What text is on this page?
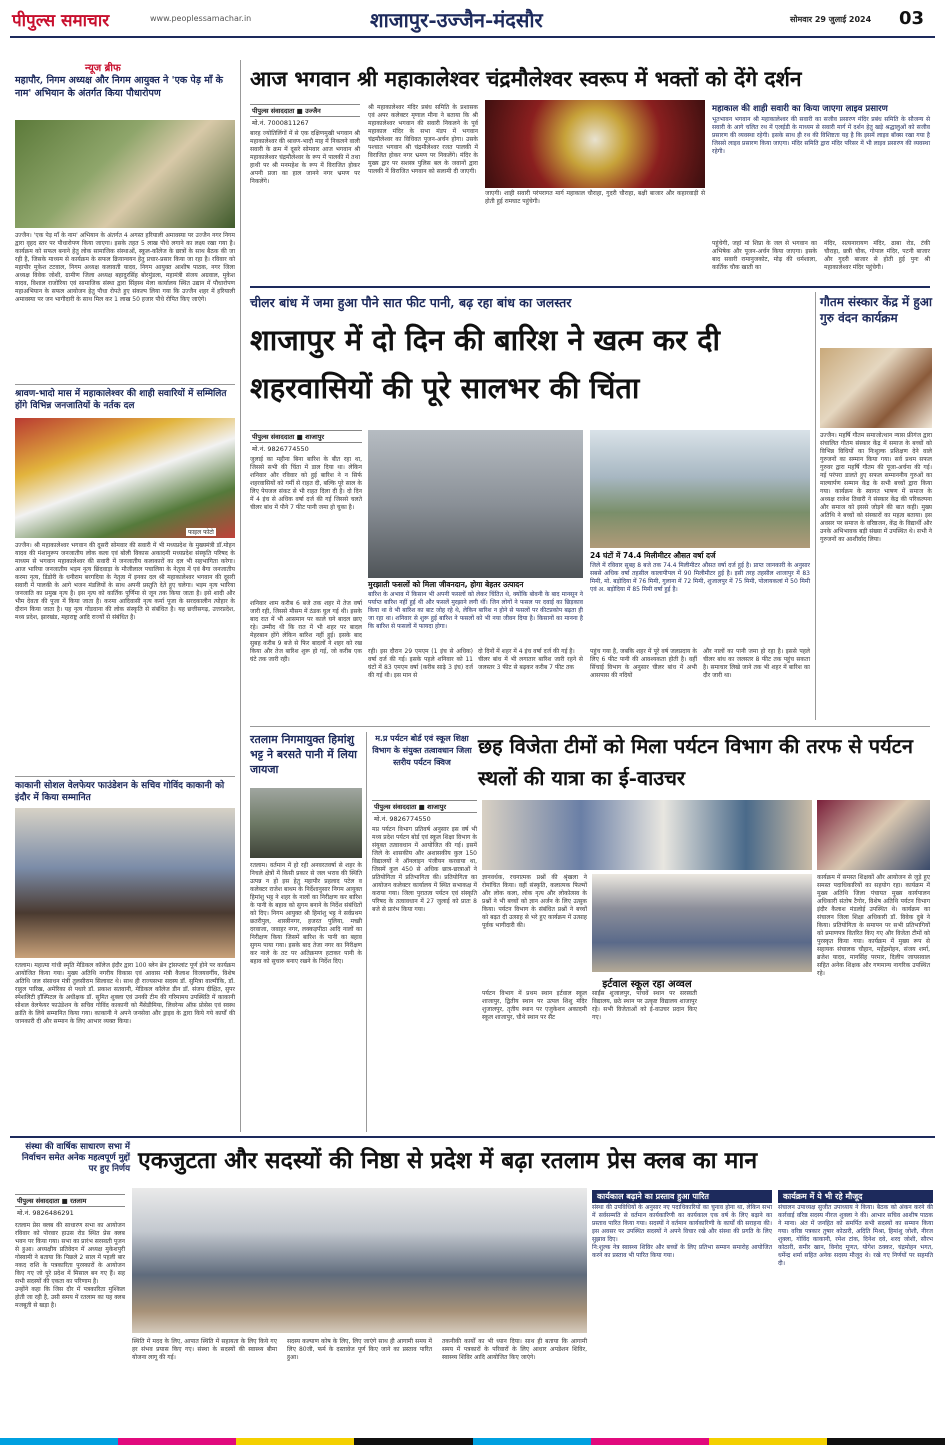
पीपुल्स समाचार	www.peoplessamachar.in	शाजापुर-उज्जैन-मंदसौर	सोमवार 29 जुलाई 2024 03
न्यूज ब्रीफ
महापौर, निगम अध्यक्ष और निगम आयुक्त ने 'एक पेड़ माँ के नाम' अभियान के अंतर्गत किया पौधारोपण
उज्जैन। 'एक पेड़ माँ के नाम' अभियान के अंतर्गत 4 अगस्त हरियाली अमावस्या पर उज्जैन नगर निगम द्वारा वृहद स्तर पर पौधारोपण किया जाएगा। इसके तहत 5 लाख पौधे लगाने का लक्ष्य रखा गया है। कार्यक्रम को सफल बनाने हेतु लोक सामाजिक संस्थाओं, स्कूल-कॉलेज के छात्रों के साथ बैठक की जा रही है, जिसके माध्यम से कार्यक्रम के सफल क्रियान्वयन हेतु प्रचार-प्रसार किया जा रहा है। रविवार को महापौर मुकेश टटवाल, निगम अध्यक्ष कलावती यादव, निगम आयुक्त आशीष पाठक, नगर जिला अध्यक्ष विवेक जोशी, ग्रामीण जिला अध्यक्ष बहादुरसिंह बोरमुंडला, महामंत्री संजय अग्रवाल, मुकेश यादव, विशाल राजोरिया एवं सामाजिक संस्था द्वारा सिंहस्थ मेला कार्यालय स्थित उद्यान में पौधारोपण महाअभियान के सफल आयोजन हेतु पौधा रोपते हुए संकल्प लिया गया कि उज्जैन शहर में हरियाली अमावस्या पर जन भागीदारी के साथ मिल कर 1 लाख 50 हजार पौधे रोपित किए जाएंगे।
श्रावण-भादो मास में महाकालेश्वर की शाही सवारियों में सम्मिलित होंगे विभिन्न जनजातियों के नर्तक दल
फाइल फोटो
उज्जैन। श्री महाकालेश्वर भगवान की दूसरी सोमवार की सवारी में भी मध्यप्रदेश के मुख्यमंत्री डॉ.मोहन यादव की मंशानुरूप जनजातीय लोक कला एवं बोली विकास अकादमी मध्यप्रदेश संस्कृति परिषद के माध्यम से भगवान महाकालेश्वर की सवारी में जनजातीय कलाकारों का दल भी सहभागिता करेगा। आज भारिया जनजातीय भड़म नृत्य छिंदवाड़ा के मौजीलाल पचालिया के नेतृत्व में एवं बैगा जनजातीय करमा नृत्य, डिंडोरी के धनीराम बरगदिया के नेतृत्व में इनका दल श्री महाकालेश्वर भगवान की दूसरी सवारी में पालकी के आगे भजन मंडलियों के साथ अपनी प्रस्तुति देते हुए चलेगा। भड़म नृत्य भारिया जनजाति का प्रमुख नृत्य है। इस नृत्य को कार्तिक पूर्णिमा से जून तक किया जाता है। इसे शादी और भीम देवता की पूजा में किया जाता है। करमा आदिवासी नृत्य कर्मा पूजा के सरदकालीन त्योहार के दौरान किया जाता है। यह नृत्य गोंडवाना की लोक संस्कृति से संबंधित है। यह छत्तीसगढ़, उत्तरप्रदेश, मध्य प्रदेश, झारखंड, महाराष्ट्र आदि राज्यों से संबंधित है।
काकानी सोशल वेलफेयर फाउंडेशन के सचिव गोविंद काकानी को इंदौर में किया सम्मानित
रतलाम। महात्मा गांधी स्मृति मेडिकल कॉलेज इंदौर द्वारा 100 ब्लेन ब्रेन ट्रांसप्लांट पूर्ण होने पर कार्यक्रम आयोजित किया गया। मुख्य अतिथि नगरीय विकास एवं आवास मंत्री कैलाश विजयवर्गीय, विशेष अतिथि जल संसाधन मंत्री तुलसीराम सिलावट थे। साथ ही राज्यसभा सदस्य डॉ. सुमित्रा वाल्मीकि, डॉ. राहुल पारिख, अमेरिका से पधारे डॉ. प्रकाश सतवानी, मेडिकल कॉलेज डीन डॉ. संजय दीक्षित, सुपर स्पेशलिटी हॉस्पिटल के अधीक्षक डॉ. सुमित शुक्ला एवं उनकी टीम की गरिमामय उपस्थिति में काकानी सोशल वेलफेयर फाउंडेशन के सचिव गोविंद काकानी को मैंसेडीमिया, लिवरेन्स ऑफ़ प्रोसेस एवं स्वस्थ क्रांति के लिये सम्मानित किया गया। काकानी ने अपने जनसेवा और ड्राइव के द्वारा किये गये कार्यों की जानकारी दी और सम्मान के लिए आभार व्यक्त किया।
आज भगवान श्री महाकालेश्वर चंद्रमौलेश्वर स्वरूप में भक्तों को देंगे दर्शन
पीपुल्स संवाददाता ■ उज्जैन
मो.नं. 7000811267
बारह ज्योतिलिंगों में से एक दक्षिणमुखी भगवान श्री महाकालेश्वर की श्रावण-भादौ माह में निकलने वाली सवारी के क्रम में दूसरे सोमवार आज भगवान श्री महाकालेश्वर चंद्रमौलेश्वर के रूप में पालकी में तथा हाथी पर श्री मनमहेश के रूप में विराजित होकर अपनी प्रजा का हाल जानने नगर भ्रमण पर निकलेंगे।
श्री महाकालेश्वर मंदिर प्रबंध समिति के प्रशासक एवं अपर कलेक्टर मृणाल मीना ने बताया कि श्री महाकालेश्वर भगवान की सवारी निकलने के पूर्व महाकाल मंदिर के सभा मंडप में भगवान चंद्रमौलेश्वर का विधिवत पूजन-अर्चन होगा। उसके पश्चात भगवान श्री चंद्रमौलेश्वर रजत पालकी में विराजित होकर नगर भ्रमण पर निकलेंगे। मंदिर के मुख्य द्वार पर सशस्त्र पुलिस बल के जवानों द्वारा पालकी में विराजित भगवान को सलामी दी जाएगी।
जाएगी। शाही सवारी परंपरागत मार्ग महाकाल चौराहा, गुदरी चौराहा, बक्षी बाजार और कहारवाड़ी से होती हुई रामघाट पहुंचेगी।
महाकाल की शाही सवारी का किया जाएगा लाइव प्रसारण
भूतभावन भगवान श्री महाकालेश्वर की सवारी का सजीव प्रसारण मंदिर प्रबंध समिति के सौजन्य से सवारी के आगे चलित रथ में एलईडी के माध्यम से सवारी मार्ग में दर्शन हेतु खड़े श्रद्धालुओं को सजीव प्रसारण की व्यवस्था रहेगी। इसके साथ ही रथ की विशिष्टता यह है कि इसमें लाइव बॉक्स रखा गया है जिससे लाइव प्रसारण किया जाएगा। मंदिर समिति द्वारा मंदिर परिसर में भी लाइव प्रसारण की व्यवस्था रहेगी।
पहुंचेगी, जहां मां शिप्रा के जल से भगवान का अभिषेक और पूजन-अर्चन किया जाएगा। इसके बाद सवारी रामानुजकोट, मोढ़ की धर्मशाला, कार्तिक चौक खाती का
मंदिर, सत्यनारायण मंदिर, ढाबा रोड, टंकी चौराहा, छत्री चौक, गोपाल मंदिर, पटनी बाजार और गुदरी बाजार से होती हुई पुनः श्री महाकालेश्वर मंदिर पहुंचेगी।
चीलर बांध में जमा हुआ पौने सात फीट पानी, बढ़ रहा बांध का जलस्तर
शाजापुर में दो दिन की बारिश ने खत्म कर दी शहरवासियों की पूरे सालभर की चिंता
पीपुल्स संवाददाता ■ शाजापुर
मो.नं. 9826774550
जुलाई का महीना बिना बारिश के बीत रहा था, जिससे सभी की चिंता में डाल दिया था। लेकिन शनिवार और रविवार को हुई बारिश ने न सिर्फ शहरवासियों को गर्मी से राहत दी, बल्कि पूरे साल के लिए पेयजल संकट से भी राहत दिला दी है। दो दिन में 4 इंच से अधिक वर्षा दर्ज की गई जिससे चलते चीलर बांध में पौने 7 फीट पानी जमा हो चुका है।
शनिवार शाम करीब 6 बजे तक शहर में तेज वर्षा जारी रही, जिससे मौसम में ठंडक घुल गई थी। इसके बाद रात में भी आसमान पर काले घने बादल छाए रहे। उम्मीद थी कि रात में भी शहर पर बादल मेहरबान होंगे लेकिन बारिश नहीं हुई। इसके बाद सुबह करीब 9 बजे से फिर बादलों ने शहर को रख किया और तेज बारिश शुरू हो गई, जो करीब एक घंटे तक जारी रही।
मुरझाती फसलों को मिला जीवनदान, होगा बेहतर उत्पादन
बारिश के अभाव में किसान भी अपनी फसलों को लेकर चिंतित थे, क्योंकि बोवनी के बाद मानसून ने पर्याप्त बारिश नहीं हुई थी और फसलें मुरझाने लगी थीं। जिन लोगों ने फसल पर दवाई का छिड़काव किया था वे भी बारिश का बाट जोह रहे थे, लेकिन बारिश न होने से फसलों पर कीटप्रकोप बढ़ता ही जा रहा था। शनिवार से शुरू हुई बारिश ने फसलों को भी नया जीवन दिया है। किसानों का मानना है कि बारिश से फसलों में फायदा होगा।
24 घंटों में 74.4 मिलीमीटर औसत वर्षा दर्ज
जिले में रविवार सुबह 8 बजे तक 74.4 मिलीमीटर औसत वर्षा दर्ज हुई है। प्राप्त जानकारी के अनुसार सबसे अधिक वर्षा तहसील कालापीपल में 90 मिलीमीटर हुई है। इसी तरह तहसील शाजापुर में 83 मिमी, मो. बड़ोदिया में 76 मिमी, गुलाना में 72 मिमी, शुजालपुर में 75 मिमी, पोलायकलां में 50 मिमी एवं अ. बड़ोदिया में 85 मिमी वर्षा हुई है।
रही। इस दौरान 29 एमएम (1 इंच से अधिक) वर्षा दर्ज की गई। इसके पहले शनिवार को 11 घंटों में 83 एमएम वर्षा (करीब साढ़े 3 इंच) दर्ज की गई थी। इस मान से
दो दिनों में शहर में 4 इंच वर्षा दर्ज की गई है।
चीलर बांध में भी लगातार बारिश जारी रहने से जलस्तर 3 फीट से बढ़कर करीब 7 फीट तक
पहुंच गया है, जबकि शहर में पूरे वर्ष जलप्रदाय के लिए 6 फीट पानी की आवश्यकता होती है। वहीं सिंचाई विभाग के अनुसार चीलर बांध में अभी आसपास की नदियों
और नालों का पानी जमा हो रहा है। इससे पहले चीलर बांध का जलस्तर 8 फीट तक पहुंच सकता है। समाचार लिखे जाने तक भी शहर में बारिश का दौर जारी था।
गौतम संस्कार केंद्र में हुआ गुरु वंदन कार्यक्रम
उज्जैन। महर्षि गौतम समाजोत्थान न्यास फ्रीगंज द्वारा संचालित गौतम संस्कार केंद्र में समाज के बच्चों को विभिन्न विधियों का निःशुल्क प्रशिक्षण देने वाले गुरुजनों का सम्मान किया गया। सर्व प्रथम सफल गुरुवर द्वारा महर्षि गौतम की पूजा-अर्चना की गई। नई परंपरा डालते हुए सफल सम्माननीय गुरुओं का माल्यार्पण सम्मान केंद्र के सभी बच्चों द्वारा किया गया। कार्यक्रम के स्वागत भाषण में समाज के अध्यक्ष राजेश तिवारी ने संस्कार केंद्र की परिकल्पना और समाज को इससे जोड़ने की बात कही। मुख्य अतिथि ने बच्चों को संस्कारों का महत्व बताया। इस अवसर पर समाज के वरिष्ठजन, केंद्र के विद्यार्थी और उनके अभिभावक बड़ी संख्या में उपस्थित थे। सभी ने गुरुजनों का आशीर्वाद लिया।
रतलाम निगमायुक्त हिमांशु भट्ट ने बरसते पानी में लिया जायजा
रतलाम। वर्तमान में हो रही अनवरतवर्षा से शहर के निचले क्षेत्रों में किसी प्रकार से जल भराव की स्थिति उत्पन्न न हो इस हेतु महापौर प्रहलाद पटेल व कलेक्टर राजेश बाथम के निर्देशानुसार निगम आयुक्त हिमांशु भट्ट ने शहर के नालों का निरीक्षण कर बारिश के पानी के बहाव को सुगम बनाने के निर्देश संबंधितों को दिए। निगम आयुक्त श्री हिमांशु भट्ट ने सर्वप्रथम छतरीपुल, शास्त्रीनगर, हजरत पुलिया, मच्छी दरवाजा, जवाहर नगर, लक्कड़पीठा आदि नालों का निरीक्षण किया जिसमें बारिश के पानी का बहाव सुगम पाया गया। इसके बाद तेजा नगर का निरीक्षण कर नाले के तट पर अतिक्रमण हटाकर पानी के बहाव को सुचारु बनाए रखने के निर्देश दिए।
म.प्र पर्यटन बोर्ड एवं स्कूल शिक्षा विभाग के संयुक्त तत्वावधान जिला स्तरीय पर्यटन क्विज
छह विजेता टीमों को मिला पर्यटन विभाग की तरफ से पर्यटन स्थलों की यात्रा का ई-वाउचर
पीपुल्स संवाददाता ■ शाजापुर
मो.नं. 9826774550
मप्र पर्यटन विभाग प्रतिवर्ष अनुसार इस वर्ष भी मध्य प्रदेश पर्यटन बोर्ड एवं स्कूल शिक्षा विभाग के संयुक्त तत्वावधान में आयोजित की गई। इसमें जिले के शासकीय और अशासकीय कुल 150 विद्यालयों ने ऑनलाइन पंजीयन करवाया था, जिसमें कुल 450 से अधिक छात्र-छात्राओं ने प्रतियोगिता में प्रतिभागिता की। प्रतियोगिता का आयोजन कलेक्टर कार्यालय में स्थित सभाकक्ष में कराया गया। जिला पुरातत्व पर्यटन एवं संस्कृति परिषद के तत्वावधान में 27 जुलाई को प्रातः 8 बजे से प्रारंभ किया गया।
ज्ञानवर्धक, रचनात्मक प्रश्नों की श्रृंखला ने रोमांचित किया। वहीं संस्कृति, कलात्मक फिल्मों और लोक कला, लोक नृत्य और लोकोत्सव के प्रश्नों ने भी बच्चों को ज्ञान अर्जन के लिए उत्सुक किया। पर्यटन विभाग के संबंधित प्रश्नों ने बच्चों को बढ़त दी उत्साह से भरे हुए कार्यक्रम में उत्साह पूर्वक भागीदारी की।
इर्टवाल स्कूल रहा अव्वल
पर्यटन विभाग में प्रथम स्थान इर्टवाल स्कूल शाजापुर, द्वितीय स्थान पर उत्पल शिशु मंदिर शुजालपुर, तृतीय स्थान पर एजुकेशन अकादमी स्कूल शाजापुर, चौथे स्थान पर सैंट
साईंस शुजालपुर, पांचवें स्थान पर सरस्वती विद्यालय, छठे स्थान पर उत्कृष्ट विद्यालय शाजापुर रहे। सभी विजेताओं को ई-वाउचर प्रदान किए गए।
कार्यक्रम में समस्त शिक्षकों और आयोजन से जुड़े हुए समस्त पदाधिकारियों का सहयोग रहा। कार्यक्रम में मुख्य अतिथि जिला पंचायत मुख्य कार्यपालन अधिकारी संतोष टैगोर, विशेष अतिथि पर्यटन विभाग इंदौर कैलाश मंडलोई उपस्थित थे। कार्यक्रम का संचालन जिला शिक्षा अधिकारी डॉ. विवेक दुबे ने किया। प्रतियोगिता के समापन पर सभी प्रतिभागियों को प्रमाणपत्र वितरित किए गए और विजेता टीमों को पुरस्कृत किया गया। कार्यक्रम में मुख्य रूप से सहायक संचालक चौहान, महेंद्रमोहन, संजय शर्मा, ब्रजेश यादव, मानसिंह परमार, दिलीप जायसवाल सहित अनेक शिक्षक और गणमान्य नागरिक उपस्थित रहे।
संस्था की वार्षिक साधारण सभा में निर्वाचन समेत अनेक महत्वपूर्ण मुद्दों पर हुए निर्णय एकजुटता और सदस्यों की निष्ठा से प्रदेश में बढ़ा रतलाम प्रेस क्लब का मान
पीपुल्स संवाददाता ■ रतलाम
मो.नं. 9826486291
रतलाम प्रेस क्लब की साधारण सभा का आयोजन रविवार को पोरवार हाउस रोड स्थित प्रेस क्लब भवन पर किया गया। सभा का प्रारंभ सरस्वती पूजन से हुआ। अध्यक्षीय प्रतिवेदन में अध्यक्ष मुकेशपुरी गोस्वामी ने बताया कि पिछले 2 साल में पहली बार नकद राशि के पत्रकारिता पुरस्कारों के आयोजन किए गए जो पूरे प्रदेश में मिसाल बन गए हैं। सह सभी सदस्यों की एकता का परिणाम है।
उन्होंने कहा कि जिस दौर में पत्रकारिता मुश्किल होती जा रही है, उसी समय में रतलाम का यह क्लब मजबूती से खड़ा है।
स्थिति में मदद के लिए, आपात स्थिति में सहायता के लिए किये गए हर संभव प्रयास किए गए। संस्था के सदस्यों की स्वास्थ्य बीमा योजना लागू की गई।
सदस्य कल्याण कोष के लिए, लिए जाएंगे साथ ही आगामी समय में लिए 80जी, फर्म के दस्तावेज पूर्ण किए जाने का प्रस्ताव पारित हुआ।
तकनीकी कार्यों का भी ध्यान दिया। साथ ही बताया कि आगामी समय में पत्रकारों के परिवारों के लिए आधार अपडेशन शिविर, स्वास्थ्य शिविर आदि आयोजित किए जाएंगे।
कार्यकाल बढ़ाने का प्रस्ताव हुआ पारित
संस्था की उपविधियों के अनुसार नए पदाधिकारियों का चुनाव होना था, लेकिन सभा में सर्वसम्मति से वर्तमान कार्यकारिणी का कार्यकाल एक वर्ष के लिए बढ़ाने का प्रस्ताव पारित किया गया। सदस्यों ने वर्तमान कार्यकारिणी के कार्यों की सराहना की। इस अवसर पर उपस्थित सदस्यों ने अपने विचार रखे और संस्था की प्रगति के लिए सुझाव दिए।
नि:शुल्क नेत्र स्वास्थ्य शिविर और बच्चों के लिए प्रतिभा सम्मान समारोह आयोजित करने का प्रस्ताव भी पारित किया गया।
कार्यक्रम में ये भी रहे मौजूद
संचालन उपाध्यक्ष सुजीत उपाध्याय ने किया। बैठक को अंकन करने की कार्रवाई वरिष्ठ सदस्य नीरज शुक्ला ने की। आभार सचिव आशीष पाठक ने माना। अंत में जनहित को समर्पित सभी सदस्यों का सम्मान किया गया। वरिष्ठ पत्रकार तुषार कोठारी, अदिति मिश्रा, हिमांशु जोशी, नीरज शुक्ला, गोविंद काकानी, रमेश टांक, दिनेश दवे, शरद जोशी, सौरभ कोठारी, समीर खान, विनोद मूणत, योगेश ठक्कर, चंद्रमोहन भगत, धर्मेन्द्र शर्मा सहित अनेक सदस्य मौजूद थे। रखे गए निर्णयों पर सहमति दी।
